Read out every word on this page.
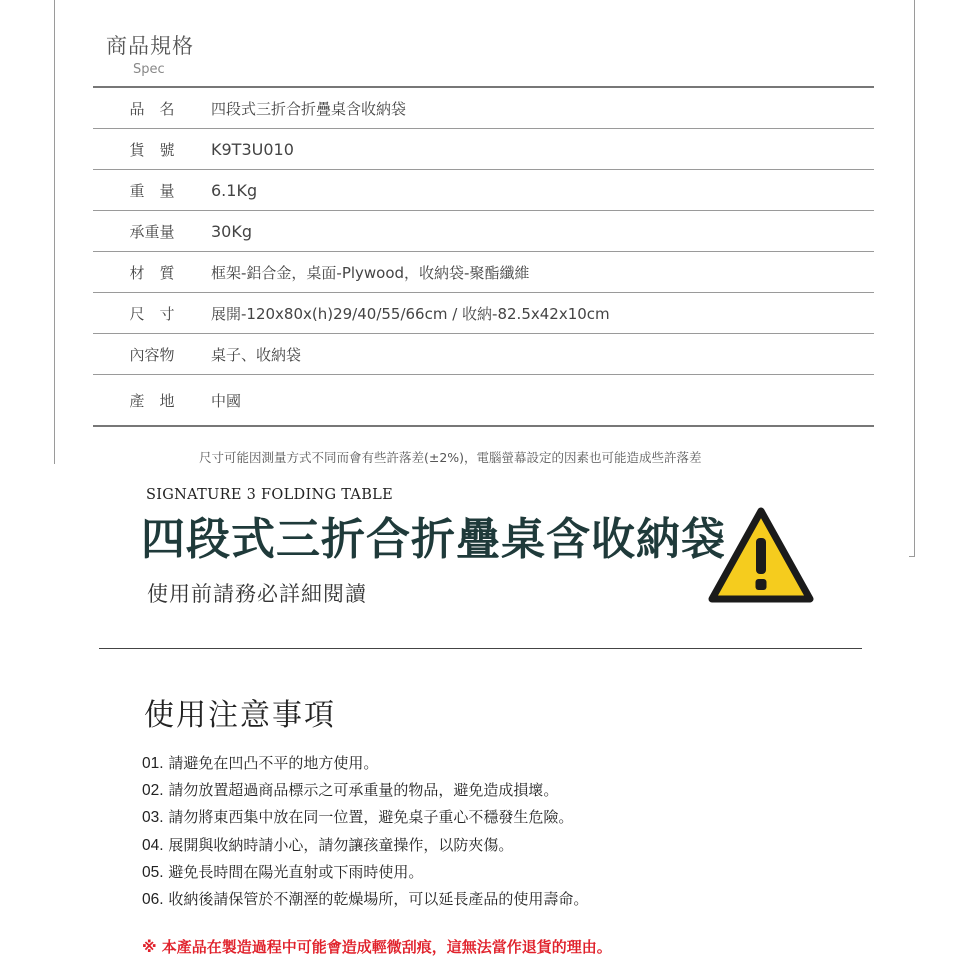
商品規格
Spec
品　名	四段式三折合折疊桌含收納袋
貨　號	K9T3U010
重　量	6.1Kg
承重量	30Kg
材　質	框架-鋁合金，桌面-Plywood，收納袋-聚酯纖維
尺　寸	展開-120x80x(h)29/40/55/66cm / 收納-82.5x42x10cm
內容物	桌子、收納袋
產　地	中國
尺寸可能因測量方式不同而會有些許落差(±2%)，電腦螢幕設定的因素也可能造成些許落差
SIGNATURE 3 FOLDING TABLE
四段式三折合折疊桌含收納袋
使用前請務必詳細閱讀
使用注意事項
01. 請避免在凹凸不平的地方使用。
02. 請勿放置超過商品標示之可承重量的物品，避免造成損壞。
03. 請勿將東西集中放在同一位置，避免桌子重心不穩發生危險。
04. 展開與收納時請小心，請勿讓孩童操作，以防夾傷。
05. 避免長時間在陽光直射或下雨時使用。
06. 收納後請保管於不潮溼的乾燥場所，可以延長產品的使用壽命。
※ 本產品在製造過程中可能會造成輕微刮痕，這無法當作退貨的理由。
